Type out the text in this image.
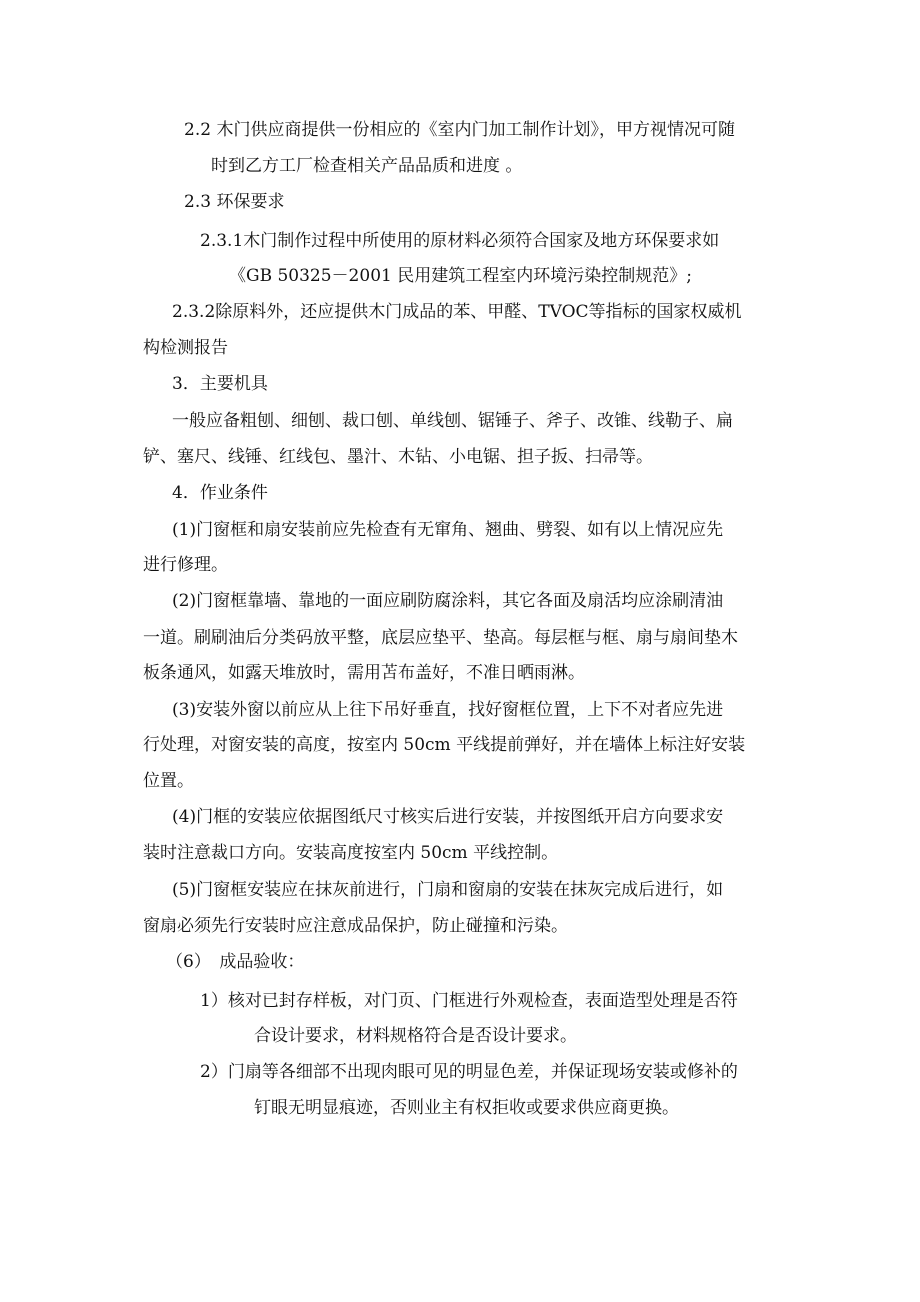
2.2 木门供应商提供一份相应的《室内门加工制作计划》，甲方视情况可随
时到乙方工厂检查相关产品品质和进度 。
2.3 环保要求
2.3.1木门制作过程中所使用的原材料必须符合国家及地方环保要求如
《GB 50325－2001 民用建筑工程室内环境污染控制规范》;
2.3.2除原料外，还应提供木门成品的苯、甲醛、TVOC等指标的国家权威机
构检测报告
3．主要机具
一般应备粗刨、细刨、裁口刨、单线刨、锯锤子、斧子、改锥、线勒子、扁
铲、塞尺、线锤、红线包、墨汁、木钻、小电锯、担子扳、扫帚等。
4．作业条件
(1)门窗框和扇安装前应先检查有无窜角、翘曲、劈裂、如有以上情况应先
进行修理。
(2)门窗框靠墙、靠地的一面应刷防腐涂料，其它各面及扇活均应涂刷清油
一道。刷刷油后分类码放平整，底层应垫平、垫高。每层框与框、扇与扇间垫木
板条通风，如露天堆放时，需用苫布盖好，不准日晒雨淋。
(3)安装外窗以前应从上往下吊好垂直，找好窗框位置，上下不对者应先进
行处理，对窗安装的高度，按室内 50cm 平线提前弹好，并在墙体上标注好安装
位置。
(4)门框的安装应依据图纸尺寸核实后进行安装，并按图纸开启方向要求安
装时注意裁口方向。安装高度按室内 50cm 平线控制。
(5)门窗框安装应在抹灰前进行，门扇和窗扇的安装在抹灰完成后进行，如
窗扇必须先行安装时应注意成品保护，防止碰撞和污染。
（6）　成品验收：
1）核对已封存样板，对门页、门框进行外观检查，表面造型处理是否符
合设计要求，材料规格符合是否设计要求。
2）门扇等各细部不出现肉眼可见的明显色差，并保证现场安装或修补的
钉眼无明显痕迹，否则业主有权拒收或要求供应商更换。
